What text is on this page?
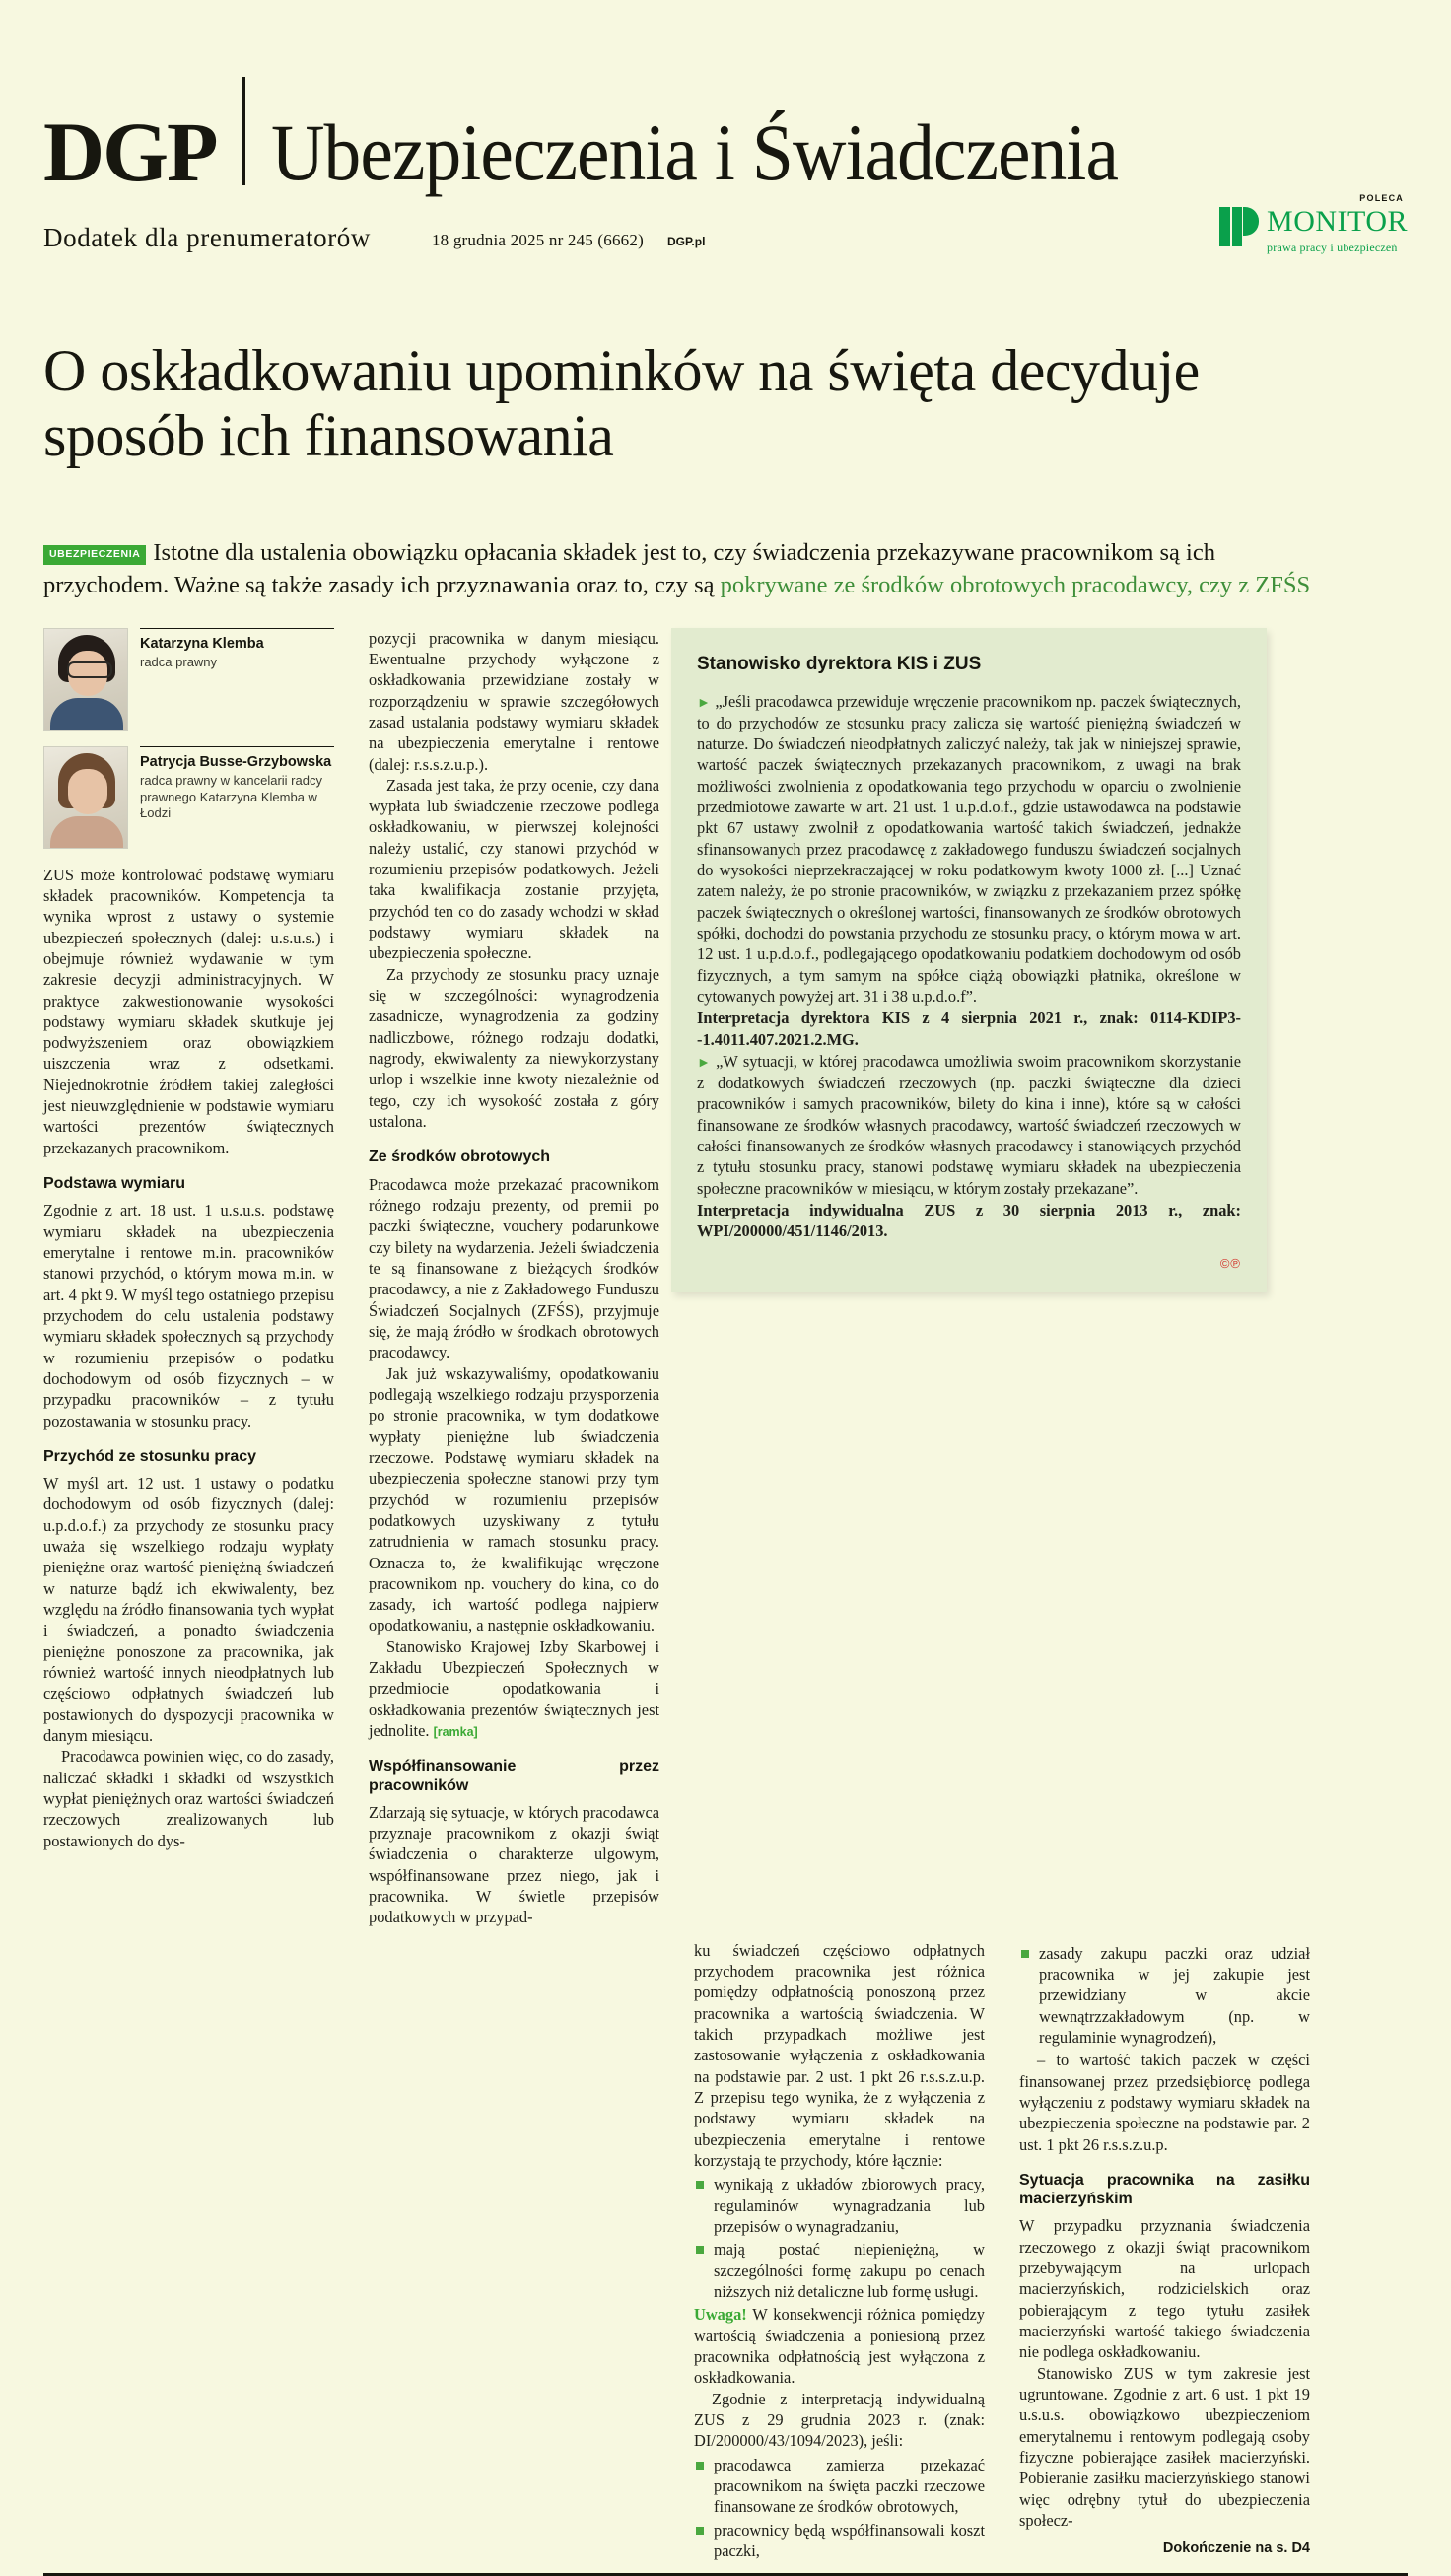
DGP Ubezpieczenia i Świadczenia
Dodatek dla prenumeratorów	18 grudnia 2025 nr 245 (6662) DGP.pl
POLECA
MONITOR
prawa pracy i ubezpieczeń
O oskładkowaniu upominków na święta decyduje sposób ich finansowania
UBEZPIECZENIA Istotne dla ustalenia obowiązku opłacania składek jest to, czy świadczenia przekazywane pracownikom są ich przychodem. Ważne są także zasady ich przyznawania oraz to, czy są pokrywane ze środków obrotowych pracodawcy, czy z ZFŚS
Katarzyna Klemba
radca prawny
Patrycja Busse-Grzybowska
radca prawny w kancelarii radcy prawnego Katarzyna Klemba w Łodzi

ZUS może kontrolować podstawę wymiaru składek pracowników. Kompetencja ta wynika wprost z ustawy o systemie ubezpieczeń społecznych (dalej: u.s.u.s.) i obejmuje również wydawanie w tym zakresie decyzji administracyjnych. W praktyce zakwestionowanie wysokości podstawy wymiaru składek skutkuje jej podwyższeniem oraz obowiązkiem uiszczenia wraz z odsetkami. Niejednokrotnie źródłem takiej zaległości jest nieuwzględnienie w podstawie wymiaru wartości prezentów świątecznych przekazanych pracownikom.

Podstawa wymiaru

Zgodnie z art. 18 ust. 1 u.s.u.s. podstawę wymiaru składek na ubezpieczenia emerytalne i rentowe m.in. pracowników stanowi przychód, o którym mowa m.in. w art. 4 pkt 9. W myśl tego ostatniego przepisu przychodem do celu ustalenia podstawy wymiaru składek społecznych są przychody w rozumieniu przepisów o podatku dochodowym od osób fizycznych – w przypadku pracowników – z tytułu pozostawania w stosunku pracy.

Przychód ze stosunku pracy

W myśl art. 12 ust. 1 ustawy o podatku dochodowym od osób fizycznych (dalej: u.p.d.o.f.) za przychody ze stosunku pracy uważa się wszelkiego rodzaju wypłaty pieniężne oraz wartość pieniężną świadczeń w naturze bądź ich ekwiwalenty, bez względu na źródło finansowania tych wypłat i świadczeń, a ponadto świadczenia pieniężne ponoszone za pracownika, jak również wartość innych nieodpłatnych lub częściowo odpłatnych świadczeń lub postawionych do dyspozycji pracownika w danym miesiącu.

Pracodawca powinien więc, co do zasady, naliczać składki i składki od wszystkich wypłat pieniężnych oraz wartości świadczeń rzeczowych zrealizowanych lub postawionych do dys-

pozycji pracownika w danym miesiącu. Ewentualne przychody wyłączone z oskładkowania przewidziane zostały w rozporządzeniu w sprawie szczegółowych zasad ustalania podstawy wymiaru składek na ubezpieczenia emerytalne i rentowe (dalej: r.s.s.z.u.p.).

Zasada jest taka, że przy ocenie, czy dana wypłata lub świadczenie rzeczowe podlega oskładkowaniu, w pierwszej kolejności należy ustalić, czy stanowi przychód w rozumieniu przepisów podatkowych. Jeżeli taka kwalifikacja zostanie przyjęta, przychód ten co do zasady wchodzi w skład podstawy wymiaru składek na ubezpieczenia społeczne.

Za przychody ze stosunku pracy uznaje się w szczególności: wynagrodzenia zasadnicze, wynagrodzenia za godziny nadliczbowe, różnego rodzaju dodatki, nagrody, ekwiwalenty za niewykorzystany urlop i wszelkie inne kwoty niezależnie od tego, czy ich wysokość została z góry ustalona.

Ze środków obrotowych

Pracodawca może przekazać pracownikom różnego rodzaju prezenty, od premii po paczki świąteczne, vouchery podarunkowe czy bilety na wydarzenia. Jeżeli świadczenia te są finansowane z bieżących środków pracodawcy, a nie z Zakładowego Funduszu Świadczeń Socjalnych (ZFŚS), przyjmuje się, że mają źródło w środkach obrotowych pracodawcy.

Jak już wskazywaliśmy, opodatkowaniu podlegają wszelkiego rodzaju przysporzenia po stronie pracownika, w tym dodatkowe wypłaty pieniężne lub świadczenia rzeczowe. Podstawę wymiaru składek na ubezpieczenia społeczne stanowi przy tym przychód w rozumieniu przepisów podatkowych uzyskiwany z tytułu zatrudnienia w ramach stosunku pracy. Oznacza to, że kwalifikując wręczone pracownikom np. vouchery do kina, co do zasady, ich wartość podlega najpierw opodatkowaniu, a następnie oskładkowaniu.

Stanowisko Krajowej Izby Skarbowej i Zakładu Ubezpieczeń Społecznych w przedmiocie opodatkowania i oskładkowania prezentów świątecznych jest jednolite. [ramka]

Współfinansowanie przez pracowników

Zdarzają się sytuacje, w których pracodawca przyznaje pracownikom z okazji świąt świadczenia o charakterze ulgowym, współfinansowane przez niego, jak i pracownika. W świetle przepisów podatkowych w przypad-

Stanowisko dyrektora KIS i ZUS

► „Jeśli pracodawca przewiduje wręczenie pracownikom np. paczek świątecznych, to do przychodów ze stosunku pracy zalicza się wartość pieniężną świadczeń w naturze. Do świadczeń nieodpłatnych zaliczyć należy, tak jak w niniejszej sprawie, wartość paczek świątecznych przekazanych pracownikom, z uwagi na brak możliwości zwolnienia z opodatkowania tego przychodu w oparciu o zwolnienie przedmiotowe zawarte w art. 21 ust. 1 u.p.d.o.f., gdzie ustawodawca na podstawie pkt 67 ustawy zwolnił z opodatkowania wartość takich świadczeń, jednakże sfinansowanych przez pracodawcę z zakładowego funduszu świadczeń socjalnych do wysokości nieprzekraczającej w roku podatkowym kwoty 1000 zł. [...] Uznać zatem należy, że po stronie pracowników, w związku z przekazaniem przez spółkę paczek świątecznych o określonej wartości, finansowanych ze środków obrotowych spółki, dochodzi do powstania przychodu ze stosunku pracy, o którym mowa w art. 12 ust. 1 u.p.d.o.f., podlegającego opodatkowaniu podatkiem dochodowym od osób fizycznych, a tym samym na spółce ciążą obowiązki płatnika, określone w cytowanych powyżej art. 31 i 38 u.p.d.o.f”.

Interpretacja dyrektora KIS z 4 sierpnia 2021 r., znak: 0114-KDIP3--1.4011.407.2021.2.MG.

► „W sytuacji, w której pracodawca umożliwia swoim pracownikom skorzystanie z dodatkowych świadczeń rzeczowych (np. paczki świąteczne dla dzieci pracowników i samych pracowników, bilety do kina i inne), które są w całości finansowane ze środków własnych pracodawcy, wartość świadczeń rzeczowych w całości finansowanych ze środków własnych pracodawcy i stanowiących przychód z tytułu stosunku pracy, stanowi podstawę wymiaru składek na ubezpieczenia społeczne pracowników w miesiącu, w którym zostały przekazane”.

Interpretacja indywidualna ZUS z 30 sierpnia 2013 r., znak: WPI/200000/451/1146/2013.

©℗

ku świadczeń częściowo odpłatnych przychodem pracownika jest różnica pomiędzy odpłatnością ponoszoną przez pracownika a wartością świadczenia. W takich przypadkach możliwe jest zastosowanie wyłączenia z oskładkowania na podstawie par. 2 ust. 1 pkt 26 r.s.s.z.u.p. Z przepisu tego wynika, że z wyłączenia z podstawy wymiaru składek na ubezpieczenia emerytalne i rentowe korzystają te przychody, które łącznie:

wynikają z układów zbiorowych pracy, regulaminów wynagradzania lub przepisów o wynagradzaniu,
mają postać niepieniężną, w szczególności formę zakupu po cenach niższych niż detaliczne lub formę usługi.

Uwaga! W konsekwencji różnica pomiędzy wartością świadczenia a poniesioną przez pracownika odpłatnością jest wyłączona z oskładkowania.

Zgodnie z interpretacją indywidualną ZUS z 29 grudnia 2023 r. (znak: DI/200000/43/1094/2023), jeśli:

pracodawca zamierza przekazać pracownikom na święta paczki rzeczowe finansowane ze środków obrotowych,
pracownicy będą współfinansowali koszt paczki,
zasady zakupu paczki oraz udział pracownika w jej zakupie jest przewidziany w akcie wewnątrzzakładowym (np. w regulaminie wynagrodzeń),

– to wartość takich paczek w części finansowanej przez przedsiębiorcę podlega wyłączeniu z podstawy wymiaru składek na ubezpieczenia społeczne na podstawie par. 2 ust. 1 pkt 26 r.s.s.z.u.p.

Sytuacja pracownika na zasiłku macierzyńskim

W przypadku przyznania świadczenia rzeczowego z okazji świąt pracownikom przebywającym na urlopach macierzyńskich, rodzicielskich oraz pobierającym z tego tytułu zasiłek macierzyński wartość takiego świadczenia nie podlega oskładkowaniu.

Stanowisko ZUS w tym zakresie jest ugruntowane. Zgodnie z art. 6 ust. 1 pkt 19 u.s.u.s. obowiązkowo ubezpieczeniom emerytalnemu i rentowym podlegają osoby fizyczne pobierające zasiłek macierzyński. Pobieranie zasiłku macierzyńskiego stanowi więc odrębny tytuł do ubezpieczenia społecz-

Dokończenie na s. D4
